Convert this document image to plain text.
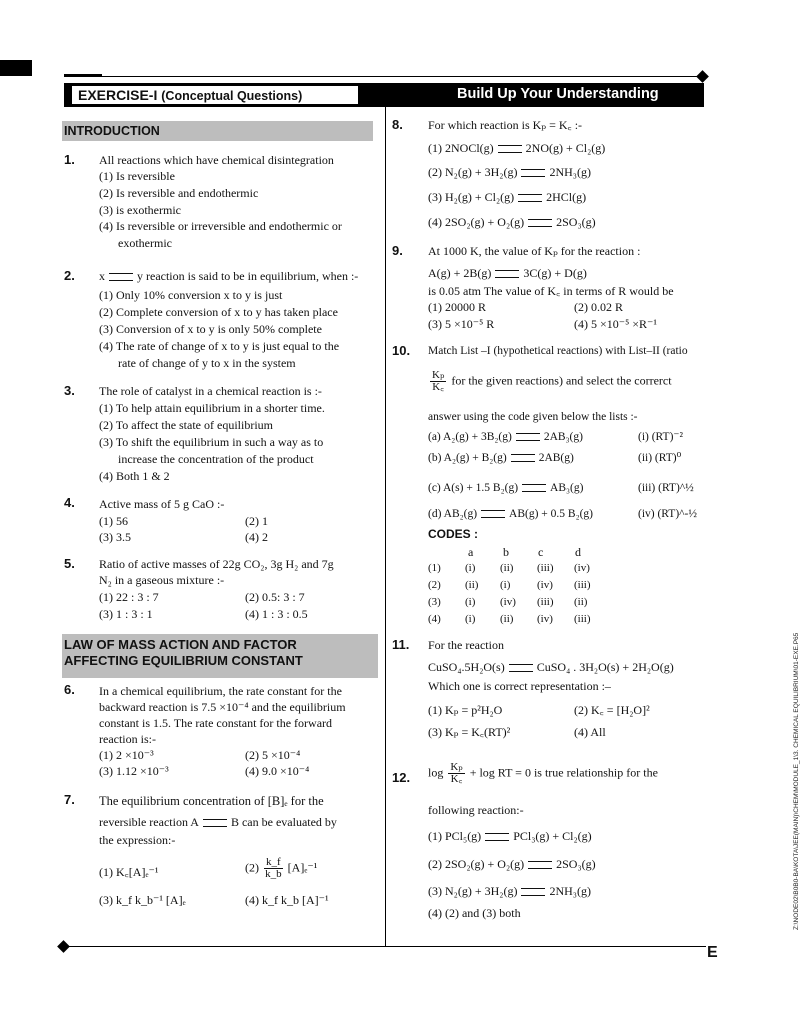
EXERCISE-I (Conceptual Questions)	Build Up Your Understanding
E
Z:\NODE02\B0B0-BA\KOTA\JEE(MAIN)\CHEM\MODULE_1\3. CHEMICAL EQUILIBRIUM\01-EXE.P65
INTRODUCTION
1. All reactions which have chemical disintegration
(1) Is reversible
(2) Is reversible and endothermic
(3) is exothermic
(4) Is reversible or irreversible and endothermic or
exothermic
2. x	y reaction is said to be in equilibrium, when :-
(1) Only 10% conversion x to y is just
(2) Complete conversion of x to y has taken place
(3) Conversion of x to y is only 50% complete
(4) The rate of change of x to y is just equal to the
rate of change of y to x in the system
3. The role of catalyst in a chemical reaction is :-
(1) To help attain equilibrium in a shorter time.
(2) To affect the state of equilibrium
(3) To shift the equilibrium in such a way as to
increase the concentration of the product
(4) Both 1 & 2
4. Active mass of 5 g CaO :-
(1) 56	(2) 1
(3) 3.5	(4) 2
5. Ratio of active masses of 22g CO₂, 3g H₂ and 7g
N₂ in a gaseous mixture :-
(1) 22 : 3 : 7	(2) 0.5: 3 : 7
(3) 1 : 3 : 1	(4) 1 : 3 : 0.5
LAW OF MASS ACTION AND FACTOR
AFFECTING EQUILIBRIUM CONSTANT
6. In a chemical equilibrium, the rate constant for the
backward reaction is 7.5 ×10⁻⁴ and the equilibrium
constant is 1.5. The rate constant for the forward
reaction is:-
(1) 2 ×10⁻³	(2) 5 ×10⁻⁴
(3) 1.12 ×10⁻³	(4) 9.0 ×10⁻⁴
7. The equilibrium concentration of [B]ₑ for the
reversible reaction A	B can be evaluated by
the expression:-
(1) K꜀[A]ₑ⁻¹	$(2) \frac{k\_f}{k\_b} [A]_e^{-1}$
(3) k_f k_b⁻¹ [A]ₑ	(4) k_f k_b [A]⁻¹
8. For which reaction is Kₚ = K꜀ :-
(1) 2NOCl(g)	2NO(g) + Cl₂(g)
(2) N₂(g) + 3H₂(g)	2NH₃(g)
(3) H₂(g) + Cl₂(g)	2HCl(g)
(4) 2SO₂(g) + O₂(g)	2SO₃(g)
9. At 1000 K, the value of Kₚ for the reaction :
A(g) + 2B(g)	3C(g) + D(g)
is 0.05 atm The value of K꜀ in terms of R would be
(1) 20000 R	(2) 0.02 R
(3) 5 ×10⁻⁵ R	(4) 5 ×10⁻⁵ ×R⁻¹
10. Match List –I (hypothetical reactions) with List–II (ratio
$\frac{\text{Kₚ}}{K꜀}$ for the given reactions) and select the correrct
answer using the code given below the lists :-
(a) A₂(g) + 3B₂(g)	2AB₃(g)	(i) (RT)⁻²
(b) A₂(g) + B₂(g)	2AB(g)	(ii) (RT)⁰
(c) A(s) + 1.5 B₂(g)	AB₃(g)	(iii) (RT)^½
(d) AB₂(g)	AB(g) + 0.5 B₂(g)	(iv) (RT)^-½
CODES :
a b c	d
(1) (i) (ii) (iii) (iv)
(2) (ii) (i) (iv) (iii)
(3) (i) (iv) (iii) (ii)
(4) (i) (ii) (iv) (iii)
11. For the reaction
CuSO₄.5H₂O(s)	CuSO₄ . 3H₂O(s) + 2H₂O(g)
Which one is correct representation :–
(1) Kₚ = p²H₂O	(2) K꜀ = [H₂O]²
(3) Kₚ = K꜀(RT)²	(4) All
12. $\log \frac{\text{Kₚ}}{K꜀} + \log$ RT = 0 is true relationship for the
following reaction:-
(1) PCl₅(g)	PCl₃(g) + Cl₂(g)
(2) 2SO₂(g) + O₂(g)	2SO₃(g)
(3) N₂(g) + 3H₂(g)	2NH₃(g)
(4) (2) and (3) both
